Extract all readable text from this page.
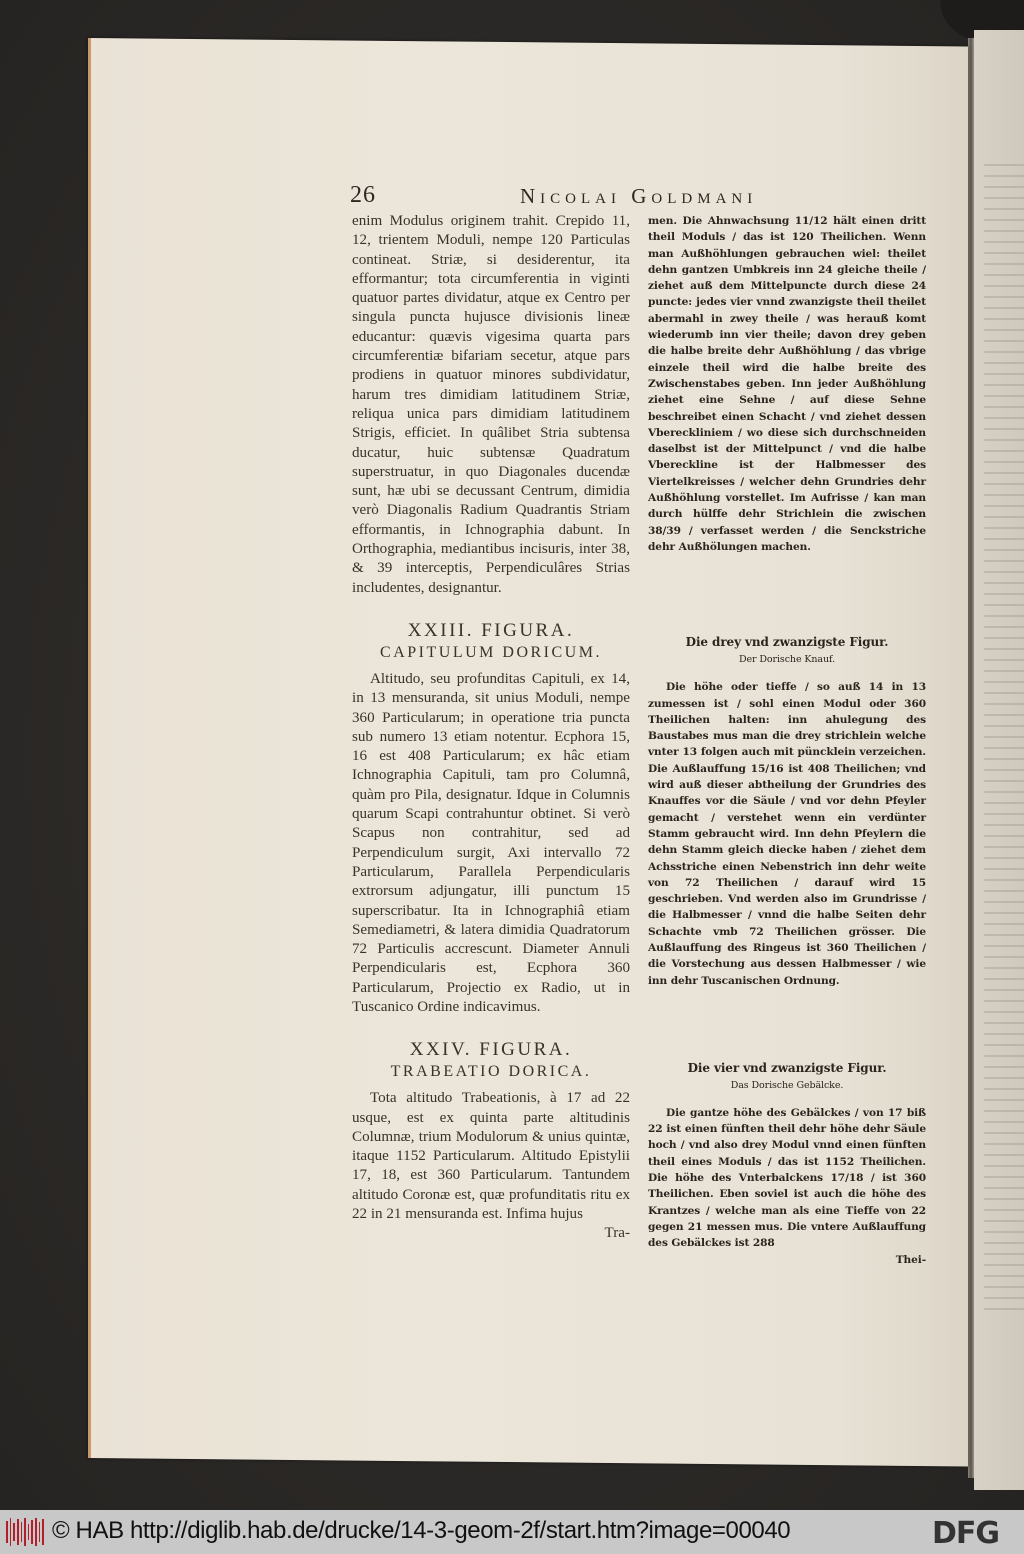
26	Nicolai Goldmani

enim Modulus originem trahit. Crepido 11, 12, trientem Moduli, nempe 120 Particulas contineat. Striæ, si desiderentur, ita efformantur; tota circumferentia in viginti quatuor partes dividatur, atque ex Centro per singula puncta hujusce divisionis lineæ educantur: quævis vigesima quarta pars circumferentiæ bifariam secetur, atque pars prodiens in quatuor minores subdividatur, harum tres dimidiam latitudinem Striæ, reliqua unica pars dimidiam latitudinem Strigis, efficiet. In quâlibet Stria subtensa ducatur, huic subtensæ Quadratum superstruatur, in quo Diagonales ducendæ sunt, hæ ubi se decussant Centrum, dimidia verò Diagonalis Radium Quadrantis Striam efformantis, in Ichnographia dabunt. In Orthographia, mediantibus incisuris, inter 38, & 39 interceptis, Perpendiculâres Strias includentes, designantur.

XXIII. FIGURA.
CAPITULUM DORICUM.

Altitudo, seu profunditas Capituli, ex 14, in 13 mensuranda, sit unius Moduli, nempe 360 Particularum; in operatione tria puncta sub numero 13 etiam notentur. Ecphora 15, 16 est 408 Particularum; ex hâc etiam Ichnographia Capituli, tam pro Columnâ, quàm pro Pila, designatur. Idque in Columnis quarum Scapi contrahuntur obtinet. Si verò Scapus non contrahitur, sed ad Perpendiculum surgit, Axi intervallo 72 Particularum, Parallela Perpendicularis extrorsum adjungatur, illi punctum 15 superscribatur. Ita in Ichnographiâ etiam Semediametri, & latera dimidia Quadratorum 72 Particulis accrescunt. Diameter Annuli Perpendicularis est, Ecphora 360 Particularum, Projectio ex Radio, ut in Tuscanico Ordine indicavimus.

XXIV. FIGURA.
TRABEATIO DORICA.

Tota altitudo Trabeationis, à 17 ad 22 usque, est ex quinta parte altitudinis Columnæ, trium Modulorum & unius quintæ, itaque 1152 Particularum. Altitudo Epistylii 17, 18, est 360 Particularum. Tantundem altitudo Coronæ est, quæ profunditatis ritu ex 22 in 21 mensuranda est. Infima hujus

Tra-

men. Die Ahnwachsung 11/12 hält einen dritt theil Moduls / das ist 120 Theilichen. Wenn man Außhöhlungen gebrauchen wiel: theilet dehn gantzen Umbkreis inn 24 gleiche theile / ziehet auß dem Mittelpuncte durch diese 24 puncte: jedes vier vnnd zwanzigste theil theilet abermahl in zwey theile / was herauß komt wiederumb inn vier theile; davon drey geben die halbe breite dehr Außhöhlung / das vbrige einzele theil wird die halbe breite des Zwischenstabes geben. Inn jeder Außhöhlung ziehet eine Sehne / auf diese Sehne beschreibet einen Schacht / vnd ziehet dessen Vbereckliniem / wo diese sich durchschneiden daselbst ist der Mittelpunct / vnd die halbe Vbereckline ist der Halbmesser des Viertelkreisses / welcher dehn Grundries dehr Außhöhlung vorstellet. Im Aufrisse / kan man durch hülffe dehr Strichlein die zwischen 38/39 / verfasset werden / die Senckstriche dehr Außhölungen machen.

Die drey vnd zwanzigste Figur.
Der Dorische Knauf.

Die höhe oder tieffe / so auß 14 in 13 zumessen ist / sohl einen Modul oder 360 Theilichen halten: inn ahulegung des Baustabes mus man die drey strichlein welche vnter 13 folgen auch mit püncklein verzeichen. Die Außlauffung 15/16 ist 408 Theilichen; vnd wird auß dieser abtheilung der Grundries des Knauffes vor die Säule / vnd vor dehn Pfeyler gemacht / verstehet wenn ein verdünter Stamm gebraucht wird. Inn dehn Pfeylern die dehn Stamm gleich diecke haben / ziehet dem Achsstriche einen Nebenstrich inn dehr weite von 72 Theilichen / darauf wird 15 geschrieben. Vnd werden also im Grundrisse / die Halbmesser / vnnd die halbe Seiten dehr Schachte vmb 72 Theilichen grösser. Die Außlauffung des Ringeus ist 360 Theilichen / die Vorstechung aus dessen Halbmesser / wie inn dehr Tuscanischen Ordnung.

Die vier vnd zwanzigste Figur.
Das Dorische Gebälcke.

Die gantze höhe des Gebälckes / von 17 biß 22 ist einen fünften theil dehr höhe dehr Säule hoch / vnd also drey Modul vnnd einen fünften theil eines Moduls / das ist 1152 Theilichen. Die höhe des Vnterbalckens 17/18 / ist 360 Theilichen. Eben soviel ist auch die höhe des Krantzes / welche man als eine Tieffe von 22 gegen 21 messen mus. Die vntere Außlauffung des Gebälckes ist 288

Thei-
© HAB http://diglib.hab.de/drucke/14-3-geom-2f/start.htm?image=00040	DFG
